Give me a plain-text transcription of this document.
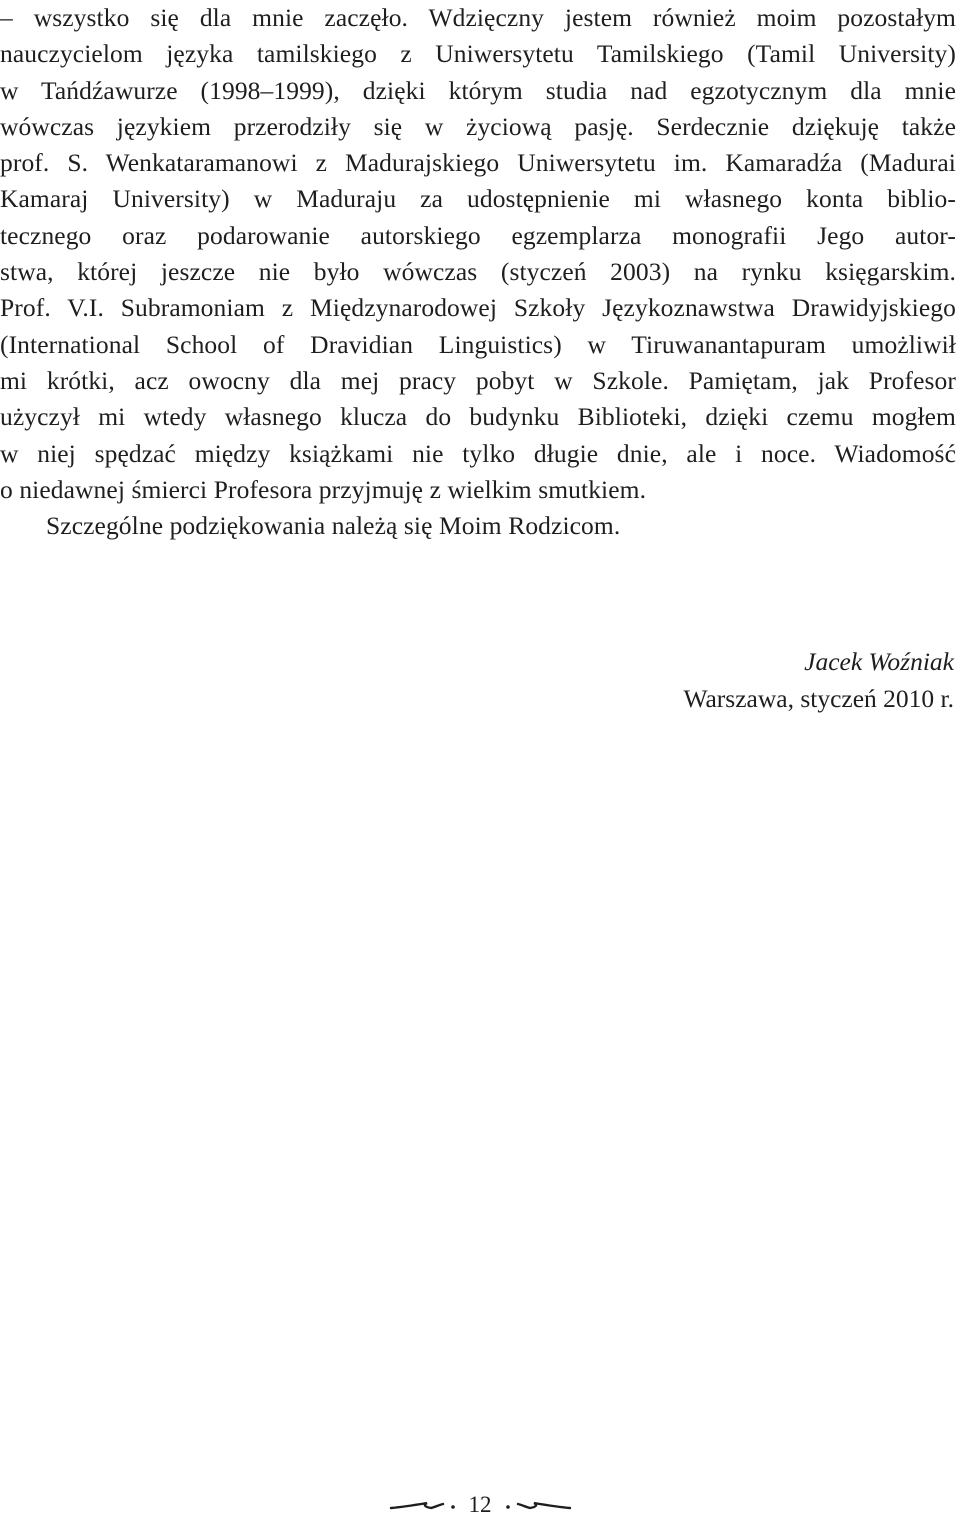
– wszystko się dla mnie zaczęło. Wdzięczny jestem również moim pozostałym
nauczycielom języka tamilskiego z Uniwersytetu Tamilskiego (Tamil University)
w Tańdźawurze (1998–1999), dzięki którym studia nad egzotycznym dla mnie
wówczas językiem przerodziły się w życiową pasję. Serdecznie dziękuję także
prof. S. Wenkataramanowi z Madurajskiego Uniwersytetu im. Kamaradźa (Madurai
Kamaraj University) w Maduraju za udostępnienie mi własnego konta biblio-
tecznego oraz podarowanie autorskiego egzemplarza monografii Jego autor-
stwa, której jeszcze nie było wówczas (styczeń 2003) na rynku księgarskim.
Prof. V.I. Subramoniam z Międzynarodowej Szkoły Językoznawstwa Drawidyjskiego
(International School of Dravidian Linguistics) w Tiruwanantapuram umożliwił
mi krótki, acz owocny dla mej pracy pobyt w Szkole. Pamiętam, jak Profesor
użyczył mi wtedy własnego klucza do budynku Biblioteki, dzięki czemu mogłem
w niej spędzać między książkami nie tylko długie dnie, ale i noce. Wiadomość
o niedawnej śmierci Profesora przyjmuję z wielkim smutkiem.
Szczególne podziękowania należą się Moim Rodzicom.
Jacek Woźniak
Warszawa, styczeń 2010 r.
12
